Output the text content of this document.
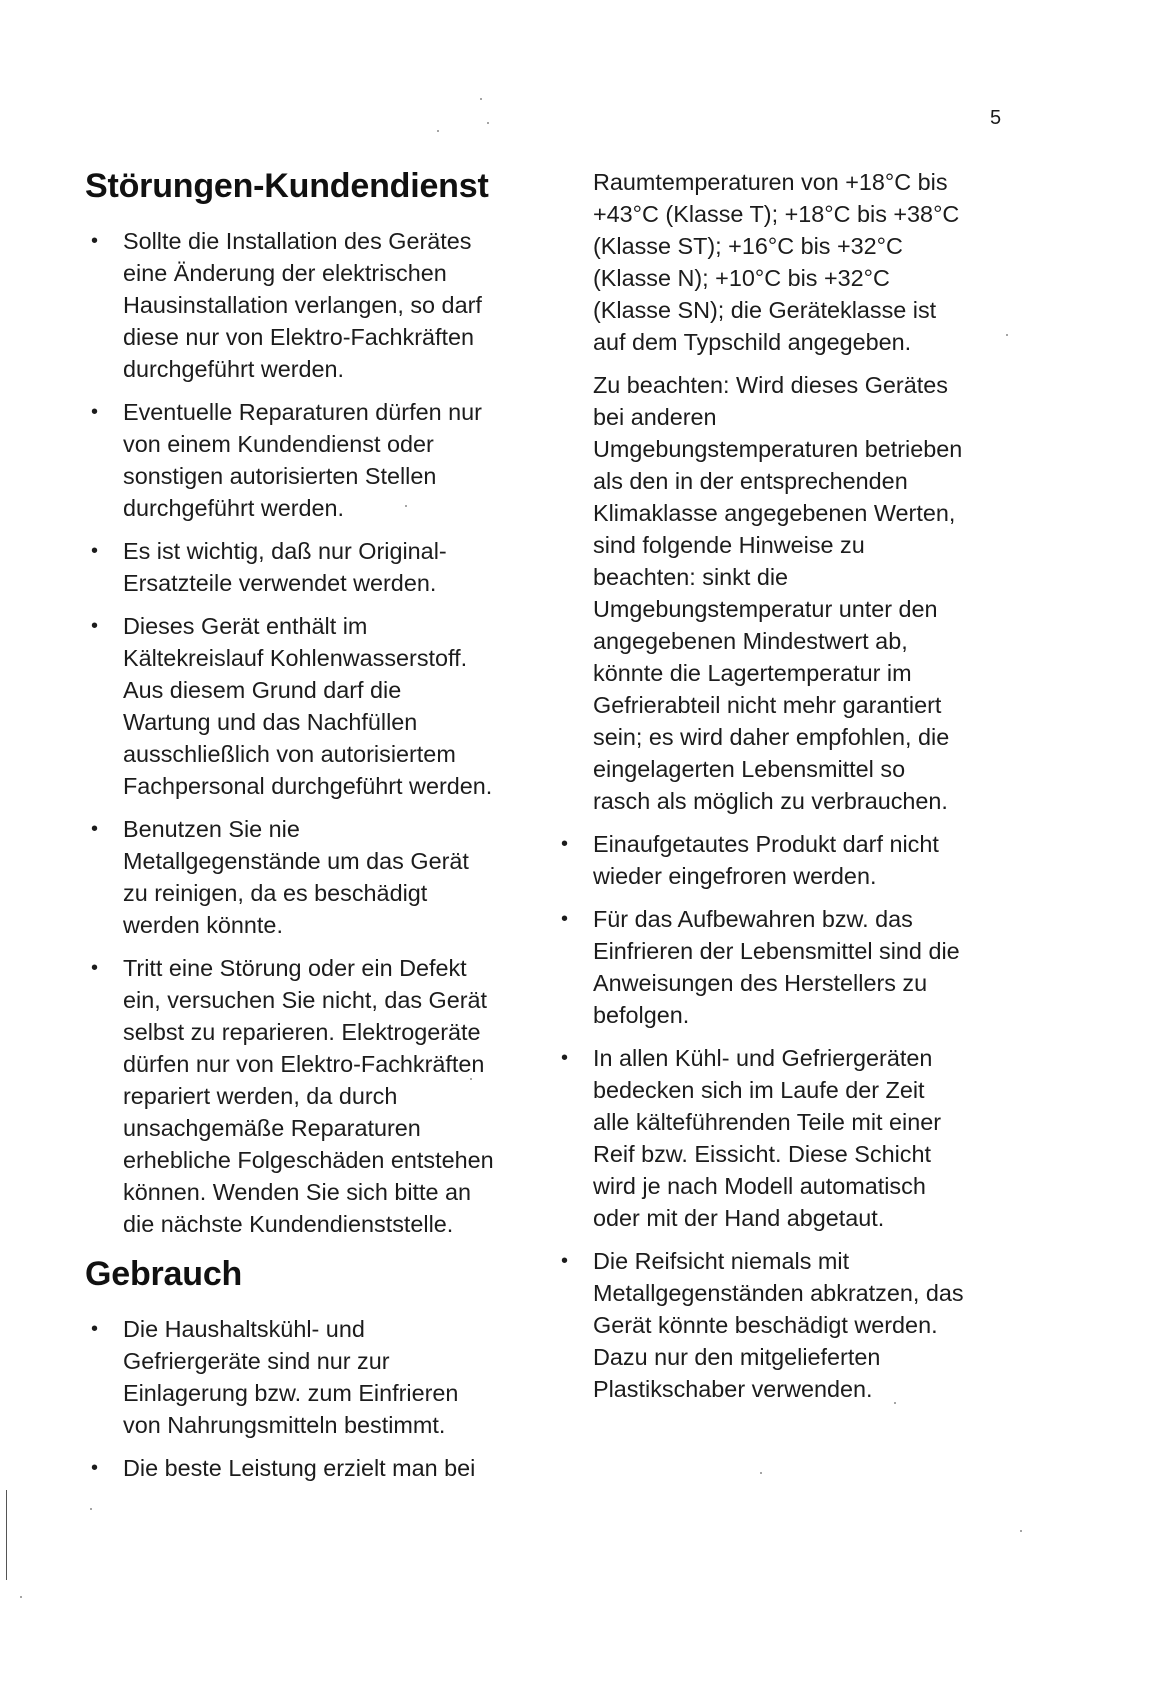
5
Störungen-Kundendienst
• Sollte die Installation des Gerätes
eine Änderung der elektrischen
Hausinstallation verlangen, so darf
diese nur von Elektro-Fachkräften
durchgeführt werden.
• Eventuelle Reparaturen dürfen nur
von einem Kundendienst oder
sonstigen autorisierten Stellen
durchgeführt werden.
• Es ist wichtig, daß nur Original-
Ersatzteile verwendet werden.
• Dieses Gerät enthält im
Kältekreislauf Kohlenwasserstoff.
Aus diesem Grund darf die
Wartung und das Nachfüllen
ausschließlich von autorisiertem
Fachpersonal durchgeführt werden.
• Benutzen Sie nie
Metallgegenstände um das Gerät
zu reinigen, da es beschädigt
werden könnte.
• Tritt eine Störung oder ein Defekt
ein, versuchen Sie nicht, das Gerät
selbst zu reparieren. Elektrogeräte
dürfen nur von Elektro-Fachkräften
repariert werden, da durch
unsachgemäße Reparaturen
erhebliche Folgeschäden entstehen
können. Wenden Sie sich bitte an
die nächste Kundendienststelle.
Gebrauch
• Die Haushaltskühl- und
Gefriergeräte sind nur zur
Einlagerung bzw. zum Einfrieren
von Nahrungsmitteln bestimmt.
• Die beste Leistung erzielt man bei

Raumtemperaturen von +18°C bis
+43°C (Klasse T); +18°C bis +38°C
(Klasse ST); +16°C bis +32°C
(Klasse N); +10°C bis +32°C
(Klasse SN); die Geräteklasse ist
auf dem Typschild angegeben.

Zu beachten: Wird dieses Gerätes
bei anderen
Umgebungstemperaturen betrieben
als den in der entsprechenden
Klimaklasse angegebenen Werten,
sind folgende Hinweise zu
beachten: sinkt die
Umgebungstemperatur unter den
angegebenen Mindestwert ab,
könnte die Lagertemperatur im
Gefrierabteil nicht mehr garantiert
sein; es wird daher empfohlen, die
eingelagerten Lebensmittel so
rasch als möglich zu verbrauchen.

• Einaufgetautes Produkt darf nicht
wieder eingefroren werden.
• Für das Aufbewahren bzw. das
Einfrieren der Lebensmittel sind die
Anweisungen des Herstellers zu
befolgen.
• In allen Kühl- und Gefriergeräten
bedecken sich im Laufe der Zeit
alle kälteführenden Teile mit einer
Reif bzw. Eissicht. Diese Schicht
wird je nach Modell automatisch
oder mit der Hand abgetaut.
• Die Reifsicht niemals mit
Metallgegenständen abkratzen, das
Gerät könnte beschädigt werden.
Dazu nur den mitgelieferten
Plastikschaber verwenden.
